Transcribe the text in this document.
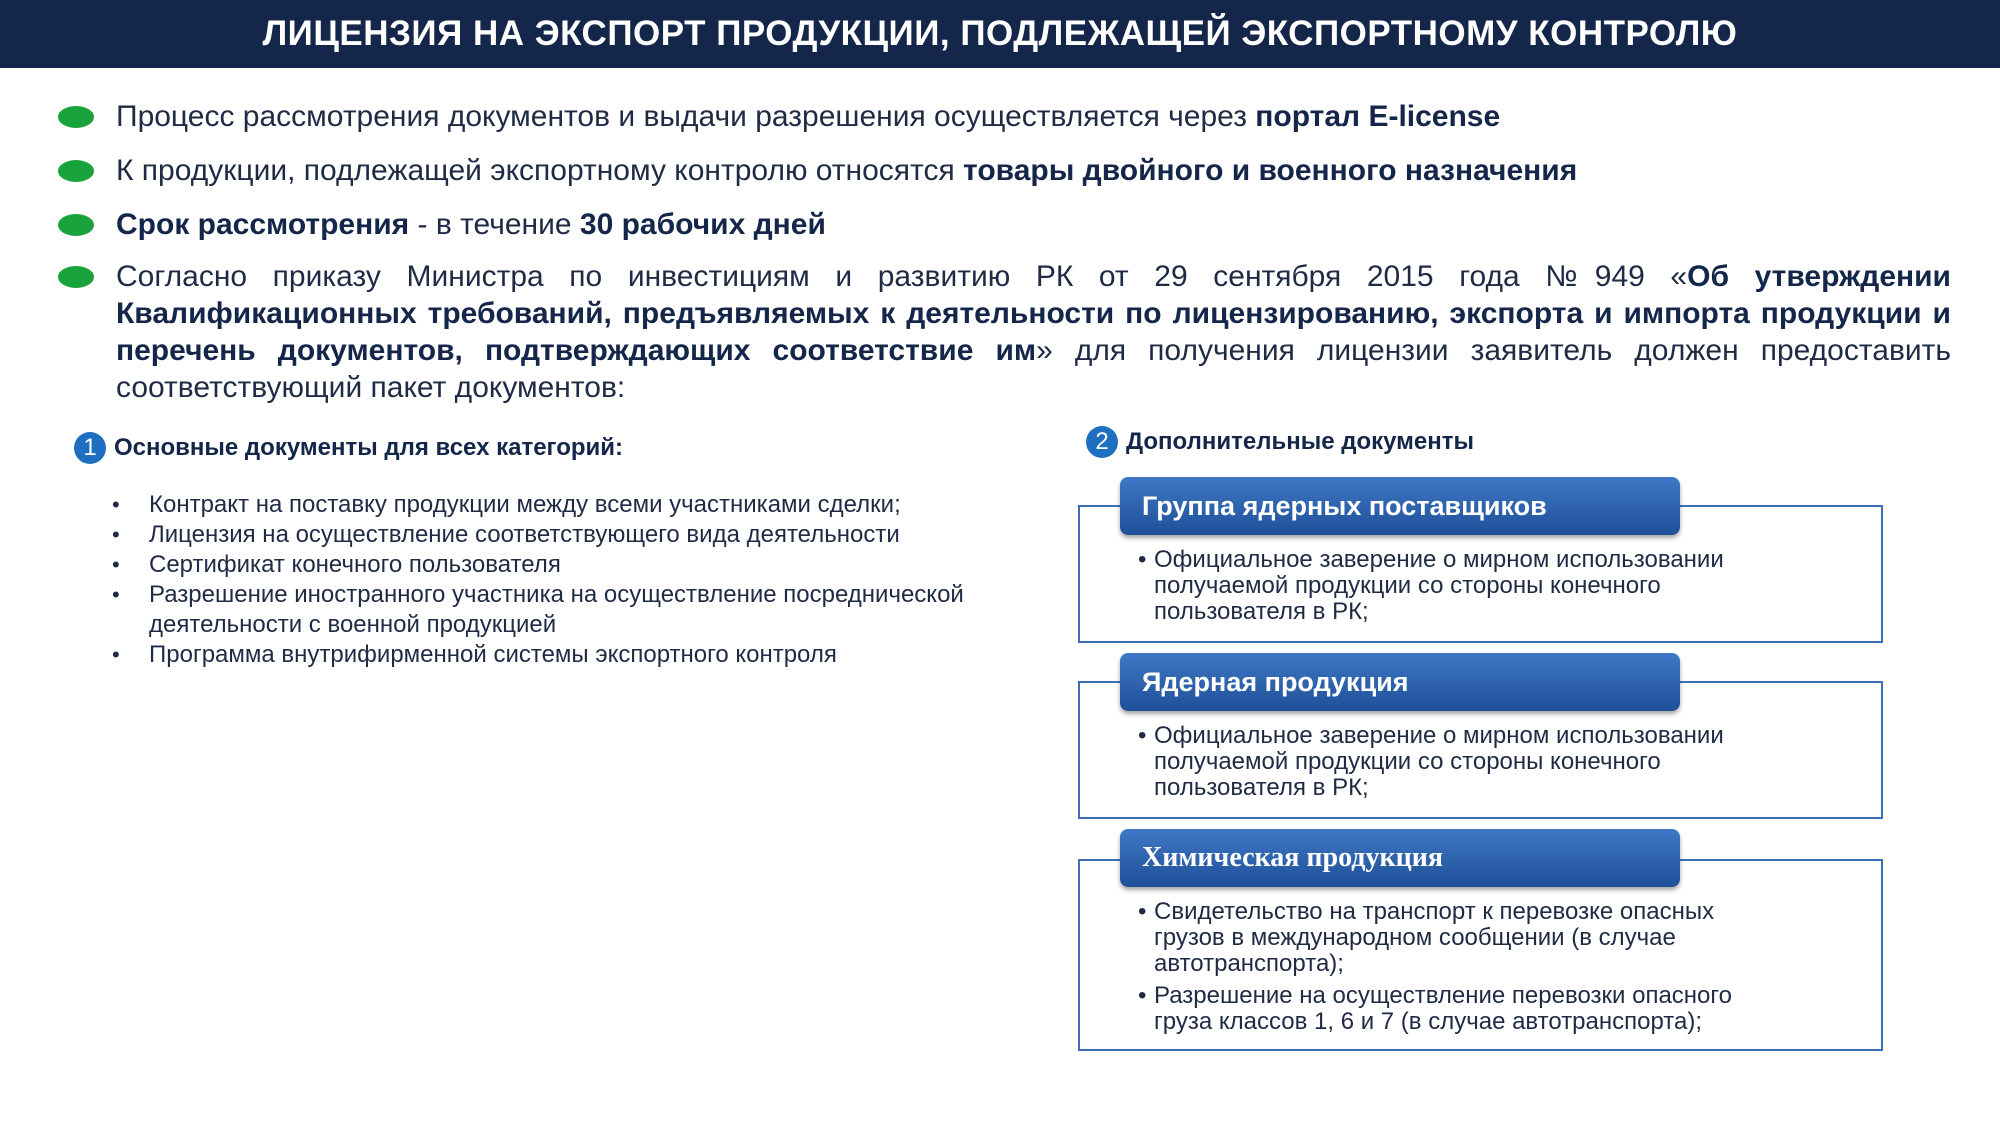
ЛИЦЕНЗИЯ НА ЭКСПОРТ ПРОДУКЦИИ, ПОДЛЕЖАЩЕЙ ЭКСПОРТНОМУ КОНТРОЛЮ
Процесс рассмотрения документов и выдачи разрешения осуществляется через портал E-license
К продукции, подлежащей экспортному контролю относятся товары двойного и военного назначения
Срок рассмотрения - в течение 30 рабочих дней
Согласно приказу Министра по инвестициям и развитию РК от 29 сентября 2015 года №949 «Об утверждении Квалификационных требований, предъявляемых к деятельности по лицензированию, экспорта и импорта продукции и перечень документов, подтверждающих соответствие им» для получения лицензии заявитель должен предоставить соответствующий пакет документов:
1 Основные документы для всех категорий:
• Контракт на поставку продукции между всеми участниками сделки;
• Лицензия на осуществление соответствующего вида деятельности
• Сертификат конечного пользователя
• Разрешение иностранного участника на осуществление посреднической деятельности с военной продукцией
• Программа внутрифирменной системы экспортного контроля
2 Дополнительные документы
Группа ядерных поставщиков
• Официальное заверение о мирном использовании получаемой продукции со стороны конечного пользователя в РК;
Ядерная продукция
• Официальное заверение о мирном использовании получаемой продукции со стороны конечного пользователя в РК;
Химическая продукция
• Свидетельство на транспорт к перевозке опасных грузов в международном сообщении (в случае автотранспорта);
• Разрешение на осуществление перевозки опасного груза классов 1, 6 и 7 (в случае автотранспорта);
